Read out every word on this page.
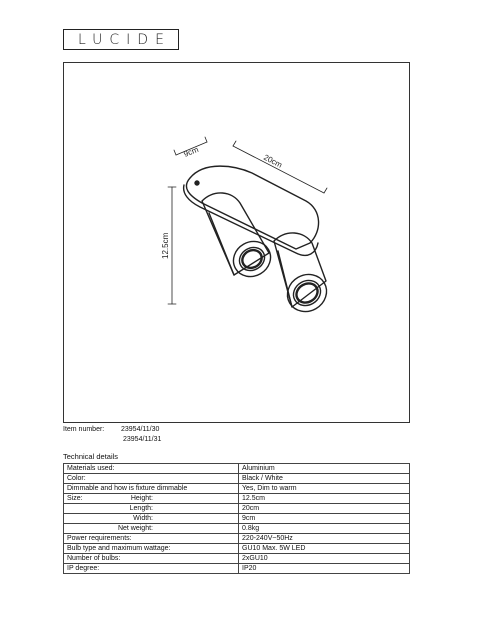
LUCIDE
9cm
20cm
12.5cm
Item number: 23954/11/30
23954/11/31
Technical details
Materials used:	Aluminium
Color:	Black / White
Dimmable and how is fixture dimmable	Yes, Dim to warm
Size: Height:	12.5cm
Length:	20cm
Width:	9cm
Net weight:	0.8kg
Power requirements:	220-240V~50Hz
Bulb type and maximum wattage:	GU10 Max. 5W LED
Number of bulbs:	2xGU10
IP degree:	IP20
